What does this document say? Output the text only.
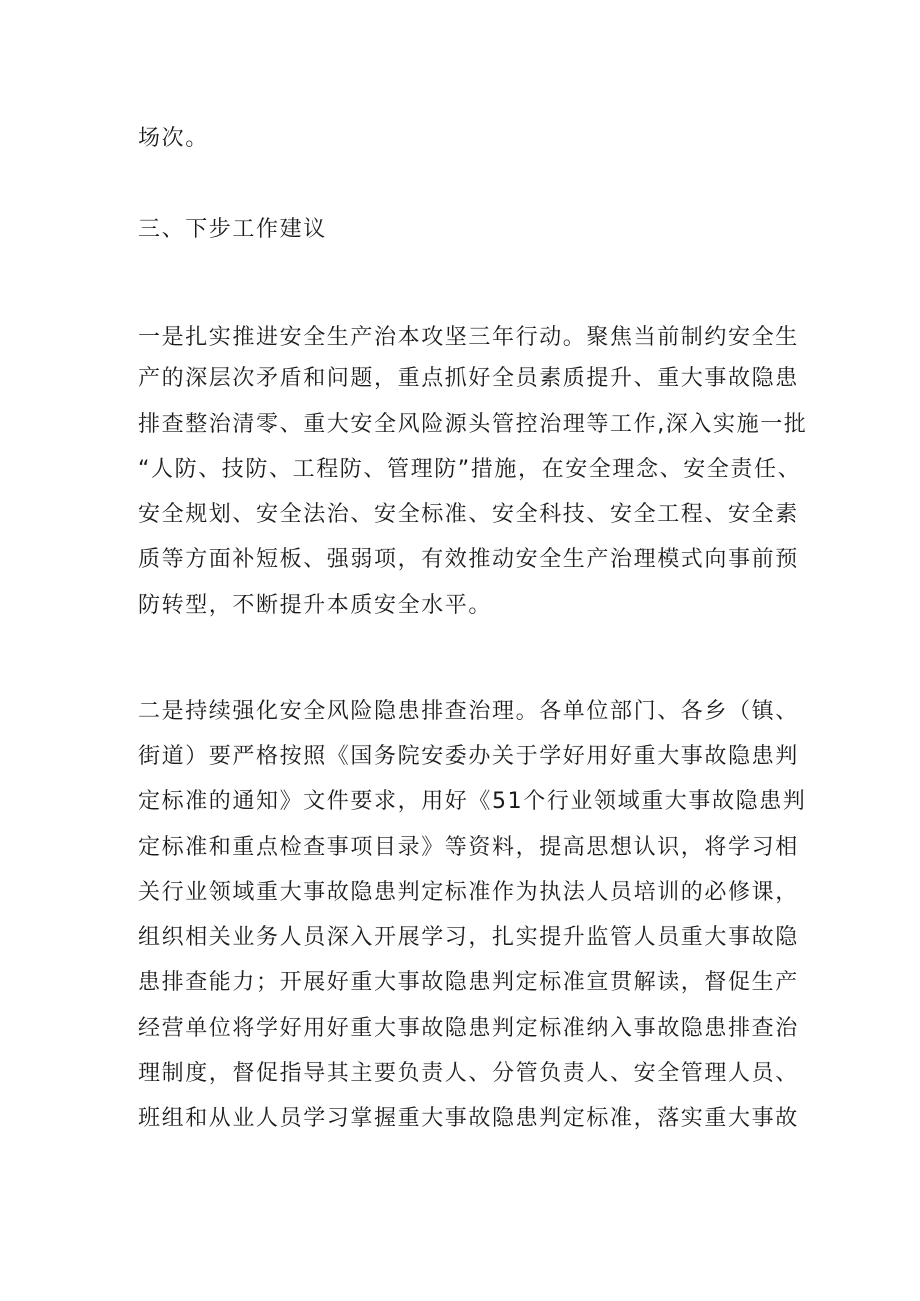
场次。
三、下步工作建议
一是扎实推进安全生产治本攻坚三年行动。聚焦当前制约安全生
产的深层次矛盾和问题，重点抓好全员素质提升、重大事故隐患
排查整治清零、重大安全风险源头管控治理等工作,深入实施一批
“人防、技防、工程防、管理防”措施，在安全理念、安全责任、
安全规划、安全法治、安全标准、安全科技、安全工程、安全素
质等方面补短板、强弱项，有效推动安全生产治理模式向事前预
防转型，不断提升本质安全水平。
二是持续强化安全风险隐患排查治理。各单位部门、各乡（镇、
街道）要严格按照《国务院安委办关于学好用好重大事故隐患判
定标准的通知》文件要求，用好《51个行业领域重大事故隐患判
定标准和重点检查事项目录》等资料，提高思想认识，将学习相
关行业领域重大事故隐患判定标准作为执法人员培训的必修课，
组织相关业务人员深入开展学习，扎实提升监管人员重大事故隐
患排查能力；开展好重大事故隐患判定标准宣贯解读，督促生产
经营单位将学好用好重大事故隐患判定标准纳入事故隐患排查治
理制度，督促指导其主要负责人、分管负责人、安全管理人员、
班组和从业人员学习掌握重大事故隐患判定标准，落实重大事故
